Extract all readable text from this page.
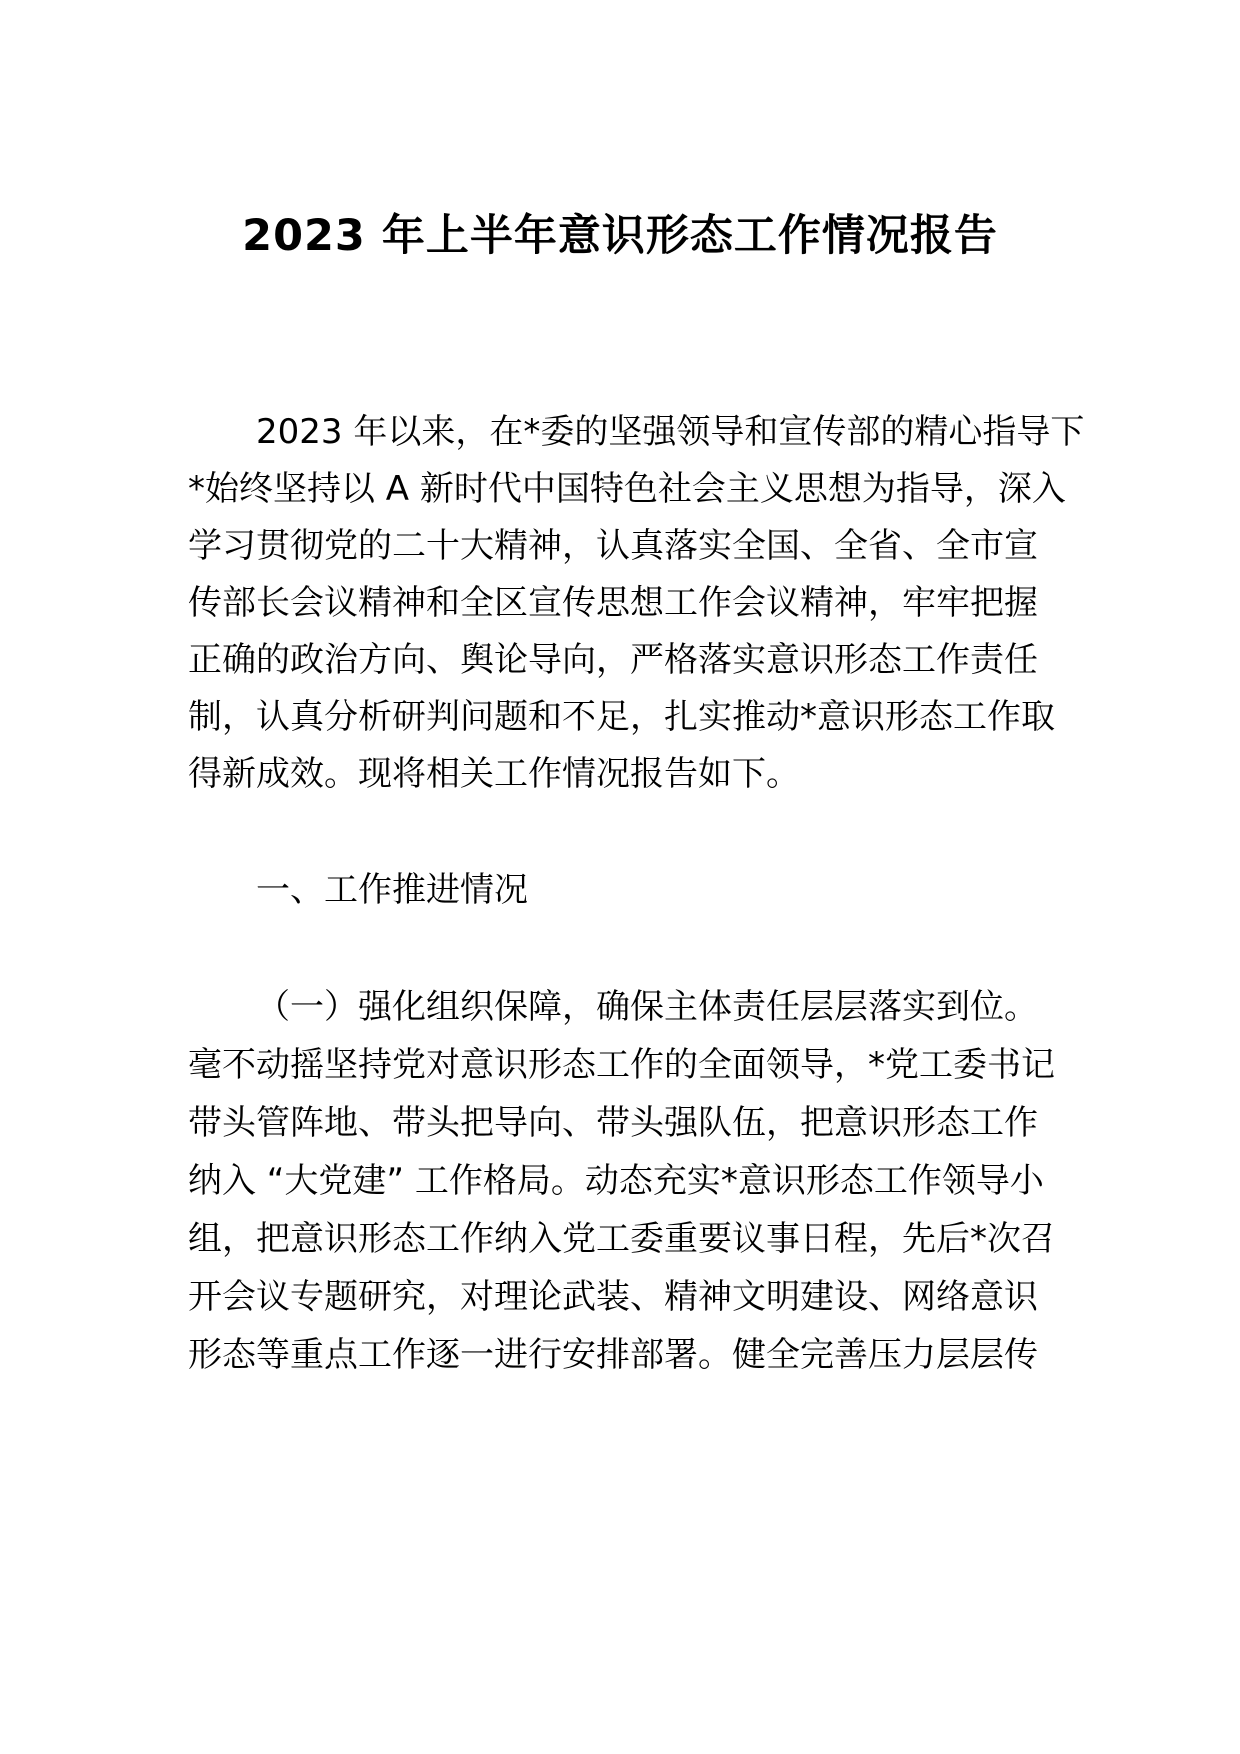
2023 年上半年意识形态工作情况报告
2023 年以来，在*委的坚强领导和宣传部的精心指导下
*始终坚持以 A 新时代中国特色社会主义思想为指导，深入
学习贯彻党的二十大精神，认真落实全国、全省、全市宣
传部长会议精神和全区宣传思想工作会议精神，牢牢把握
正确的政治方向、舆论导向，严格落实意识形态工作责任
制，认真分析研判问题和不足，扎实推动*意识形态工作取
得新成效。现将相关工作情况报告如下。
一、工作推进情况
（一）强化组织保障，确保主体责任层层落实到位。
毫不动摇坚持党对意识形态工作的全面领导，*党工委书记
带头管阵地、带头把导向、带头强队伍，把意识形态工作
纳入 “大党建” 工作格局。动态充实*意识形态工作领导小
组，把意识形态工作纳入党工委重要议事日程，先后*次召
开会议专题研究，对理论武装、精神文明建设、网络意识
形态等重点工作逐一进行安排部署。健全完善压力层层传
